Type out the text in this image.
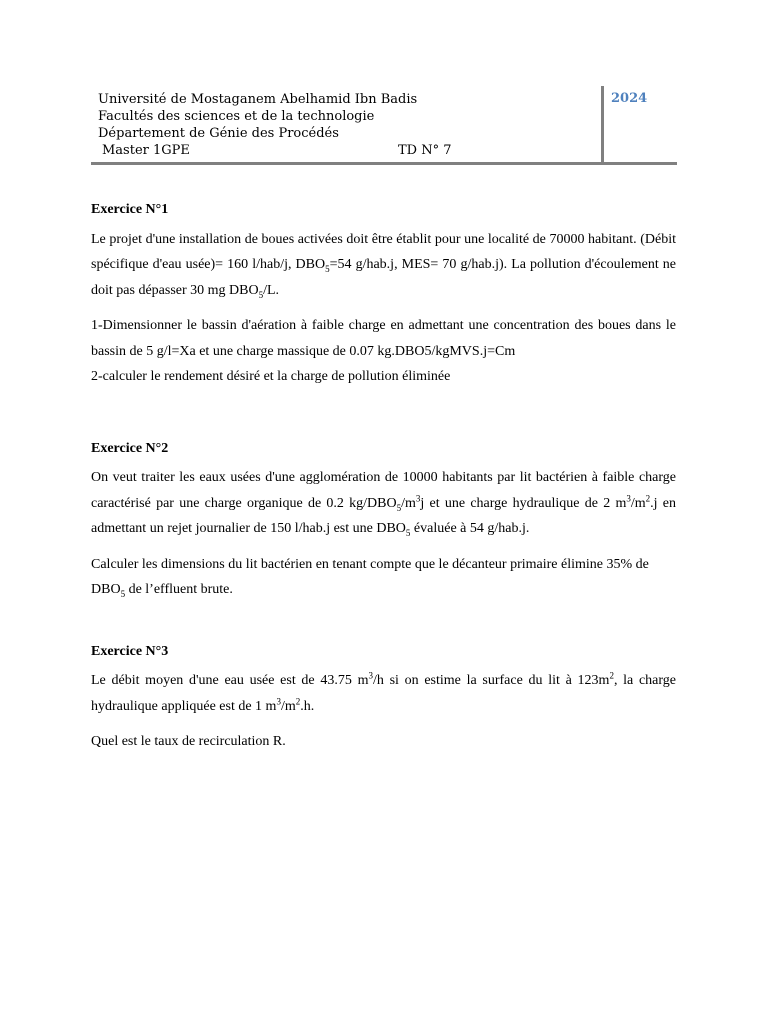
Université de Mostaganem Abelhamid Ibn Badis
Facultés des sciences et de la technologie
Département de Génie des Procédés
Master 1GPE	TD N° 7
2024
Exercice N°1

Le projet d'une installation de boues activées doit être établit pour une localité de 70000 habitant. (Débit spécifique d'eau usée)= 160 l/hab/j, $DBO_5=54$ g/hab.j, MES= 70 g/hab.j). La pollution d'écoulement ne doit pas dépasser 30 mg $DBO_5/L$.

1-Dimensionner le bassin d'aération à faible charge en admettant une concentration des boues dans le bassin de 5 g/l=Xa et une charge massique de 0.07 kg.DBO5/kgMVS.j=Cm
2-calculer le rendement désiré et la charge de pollution éliminée

Exercice N°2

On veut traiter les eaux usées d'une agglomération de 10000 habitants par lit bactérien à faible charge caractérisé par une charge organique de 0.2 $kg/DBO_5/m^3j$ et une charge hydraulique de 2 $m^3/m^2.j$ en admettant un rejet journalier de 150 l/hab.j est une $DBO_5$ évaluée à 54 g/hab.j.

Calculer les dimensions du lit bactérien en tenant compte que le décanteur primaire élimine 35% de $DBO_5$ de l’effluent brute.

Exercice N°3

Le débit moyen d'une eau usée est de 43.75 $m^3/h$ si on estime la surface du lit à $123m^2$, la charge hydraulique appliquée est de 1 $m^3/m^2.h$.

Quel est le taux de recirculation R.
